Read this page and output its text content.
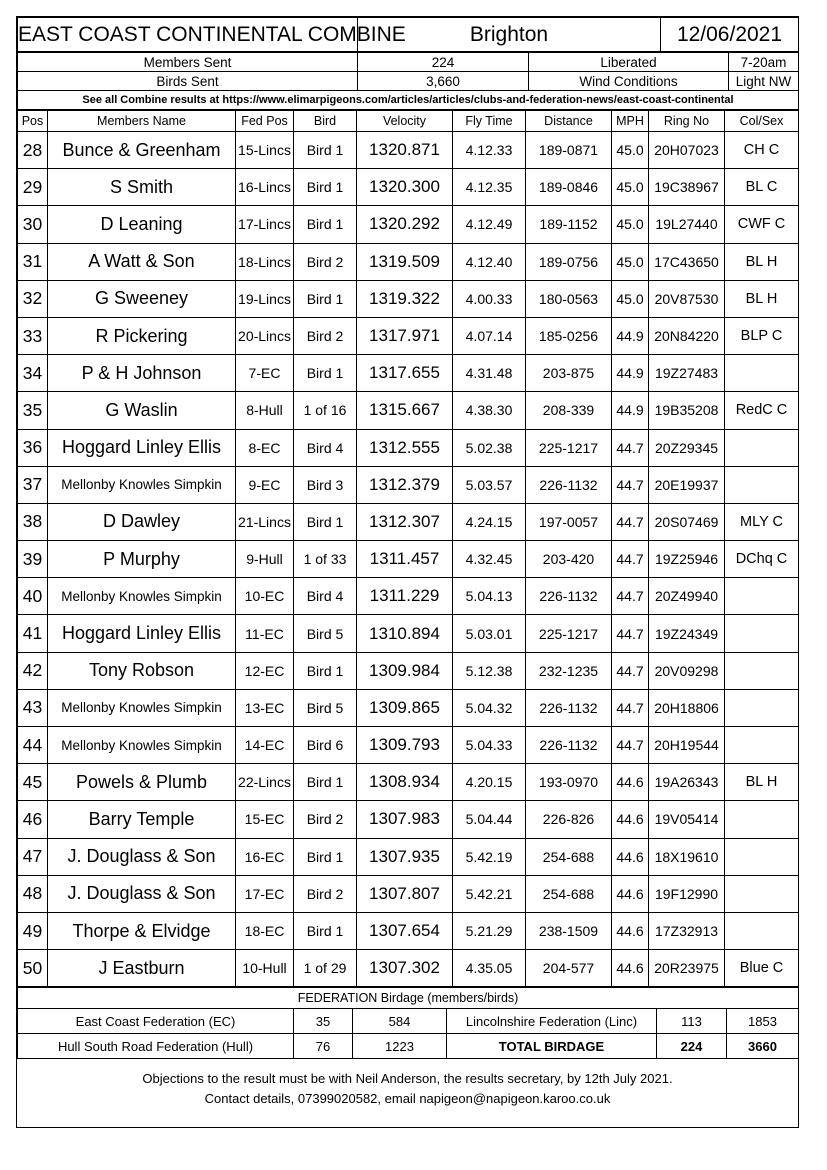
EAST COAST CONTINENTAL COMBINE	Brighton	12/06/2021
Members Sent	224	Liberated	7-20am
Birds Sent	3,660	Wind Conditions	Light NW
See all Combine results at https://www.elimarpigeons.com/articles/articles/clubs-and-federation-news/east-coast-continental			
Pos	Members Name	Fed Pos	Bird	Velocity	Fly Time	Distance	MPH	Ring No	Col/Sex
28	Bunce & Greenham	15-Lincs	Bird 1	1320.871	4.12.33	189-0871	45.0	20H07023	CH C
29	S Smith	16-Lincs	Bird 1	1320.300	4.12.35	189-0846	45.0	19C38967	BL C
30	D Leaning	17-Lincs	Bird 1	1320.292	4.12.49	189-1152	45.0	19L27440	CWF C
31	A Watt & Son	18-Lincs	Bird 2	1319.509	4.12.40	189-0756	45.0	17C43650	BL H
32	G Sweeney	19-Lincs	Bird 1	1319.322	4.00.33	180-0563	45.0	20V87530	BL H
33	R Pickering	20-Lincs	Bird 2	1317.971	4.07.14	185-0256	44.9	20N84220	BLP C
34	P & H Johnson	7-EC	Bird 1	1317.655	4.31.48	203-875	44.9	19Z27483	
35	G Waslin	8-Hull	1 of 16	1315.667	4.38.30	208-339	44.9	19B35208	RedC C
36	Hoggard Linley Ellis	8-EC	Bird 4	1312.555	5.02.38	225-1217	44.7	20Z29345	
37	Mellonby Knowles Simpkin	9-EC	Bird 3	1312.379	5.03.57	226-1132	44.7	20E19937	
38	D Dawley	21-Lincs	Bird 1	1312.307	4.24.15	197-0057	44.7	20S07469	MLY C
39	P Murphy	9-Hull	1 of 33	1311.457	4.32.45	203-420	44.7	19Z25946	DChq C
40	Mellonby Knowles Simpkin	10-EC	Bird 4	1311.229	5.04.13	226-1132	44.7	20Z49940	
41	Hoggard Linley Ellis	11-EC	Bird 5	1310.894	5.03.01	225-1217	44.7	19Z24349	
42	Tony Robson	12-EC	Bird 1	1309.984	5.12.38	232-1235	44.7	20V09298	
43	Mellonby Knowles Simpkin	13-EC	Bird 5	1309.865	5.04.32	226-1132	44.7	20H18806	
44	Mellonby Knowles Simpkin	14-EC	Bird 6	1309.793	5.04.33	226-1132	44.7	20H19544	
45	Powels & Plumb	22-Lincs	Bird 1	1308.934	4.20.15	193-0970	44.6	19A26343	BL H
46	Barry Temple	15-EC	Bird 2	1307.983	5.04.44	226-826	44.6	19V05414	
47	J. Douglass & Son	16-EC	Bird 1	1307.935	5.42.19	254-688	44.6	18X19610	
48	J. Douglass & Son	17-EC	Bird 2	1307.807	5.42.21	254-688	44.6	19F12990	
49	Thorpe & Elvidge	18-EC	Bird 1	1307.654	5.21.29	238-1509	44.6	17Z32913	
50	J Eastburn	10-Hull	1 of 29	1307.302	4.35.05	204-577	44.6	20R23975	Blue C
FEDERATION Birdage (members/birds)					
East Coast Federation (EC)	35	584	Lincolnshire Federation (Linc)	113	1853
Hull South Road Federation (Hull)	76	1223	TOTAL BIRDAGE	224	3660
Objections to the result must be with Neil Anderson, the results secretary, by 12th July 2021.
Contact details, 07399020582, email napigeon@napigeon.karoo.co.uk
